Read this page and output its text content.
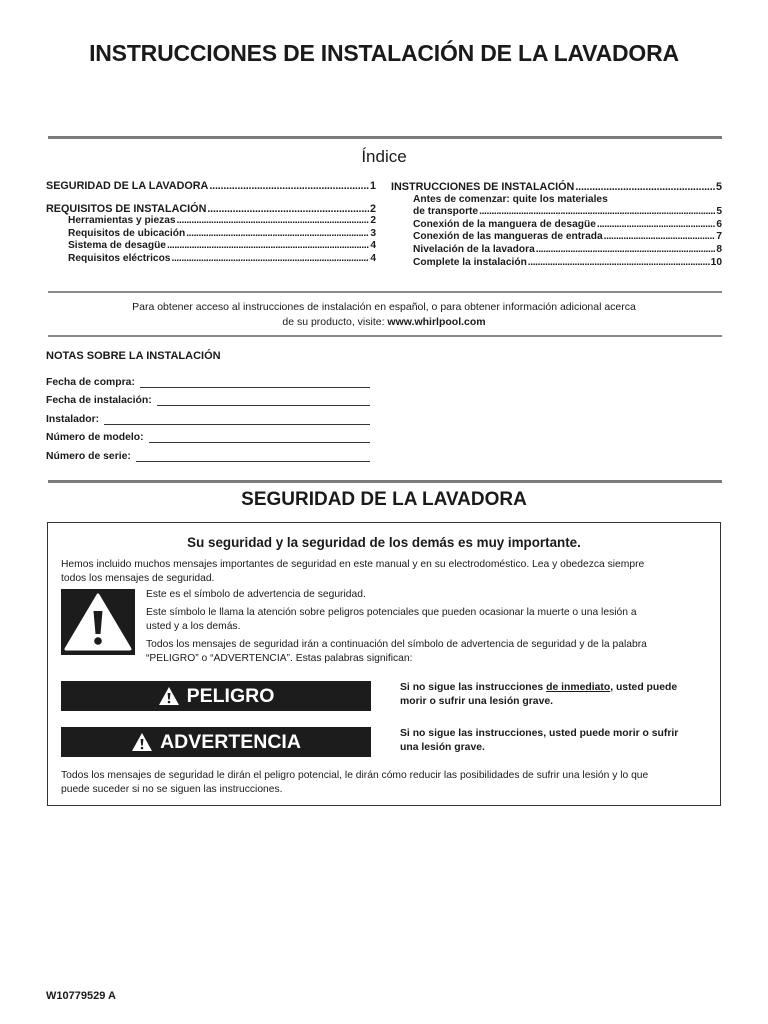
INSTRUCCIONES DE INSTALACIÓN DE LA LAVADORA
Índice
SEGURIDAD DE LA LAVADORA . . .	1
REQUISITOS DE INSTALACIÓN . . .	2
Herramientas y piezas . . .	2
Requisitos de ubicación . . .	3
Sistema de desagüe . . .	4
Requisitos eléctricos . . .	4
INSTRUCCIONES DE INSTALACIÓN . . .	5
Antes de comenzar: quite los materiales
de transporte . . .	5
Conexión de la manguera de desagüe . . .	6
Conexión de las mangueras de entrada . . .	7
Nivelación de la lavadora . . .	8
Complete la instalación . . .	10
Para obtener acceso al instrucciones de instalación en español, o para obtener información adicional acerca
de su producto, visite: www.whirlpool.com
NOTAS SOBRE LA INSTALACIÓN
Fecha de compra:
Fecha de instalación:
Instalador:
Número de modelo:
Número de serie:
SEGURIDAD DE LA LAVADORA
Su seguridad y la seguridad de los demás es muy importante.
Hemos incluido muchos mensajes importantes de seguridad en este manual y en su electrodoméstico. Lea y obedezca siempre
todos los mensajes de seguridad.
Este es el símbolo de advertencia de seguridad.
Este símbolo le llama la atención sobre peligros potenciales que pueden ocasionar la muerte o una lesión a
usted y a los demás.
Todos los mensajes de seguridad irán a continuación del símbolo de advertencia de seguridad y de la palabra
“PELIGRO” o “ADVERTENCIA”. Estas palabras significan:
PELIGRO	Si no sigue las instrucciones de inmediato, usted puede
morir o sufrir una lesión grave.
ADVERTENCIA	Si no sigue las instrucciones, usted puede morir o sufrir
una lesión grave.
Todos los mensajes de seguridad le dirán el peligro potencial, le dirán cómo reducir las posibilidades de sufrir una lesión y lo que
puede suceder si no se siguen las instrucciones.
W10779529 A
